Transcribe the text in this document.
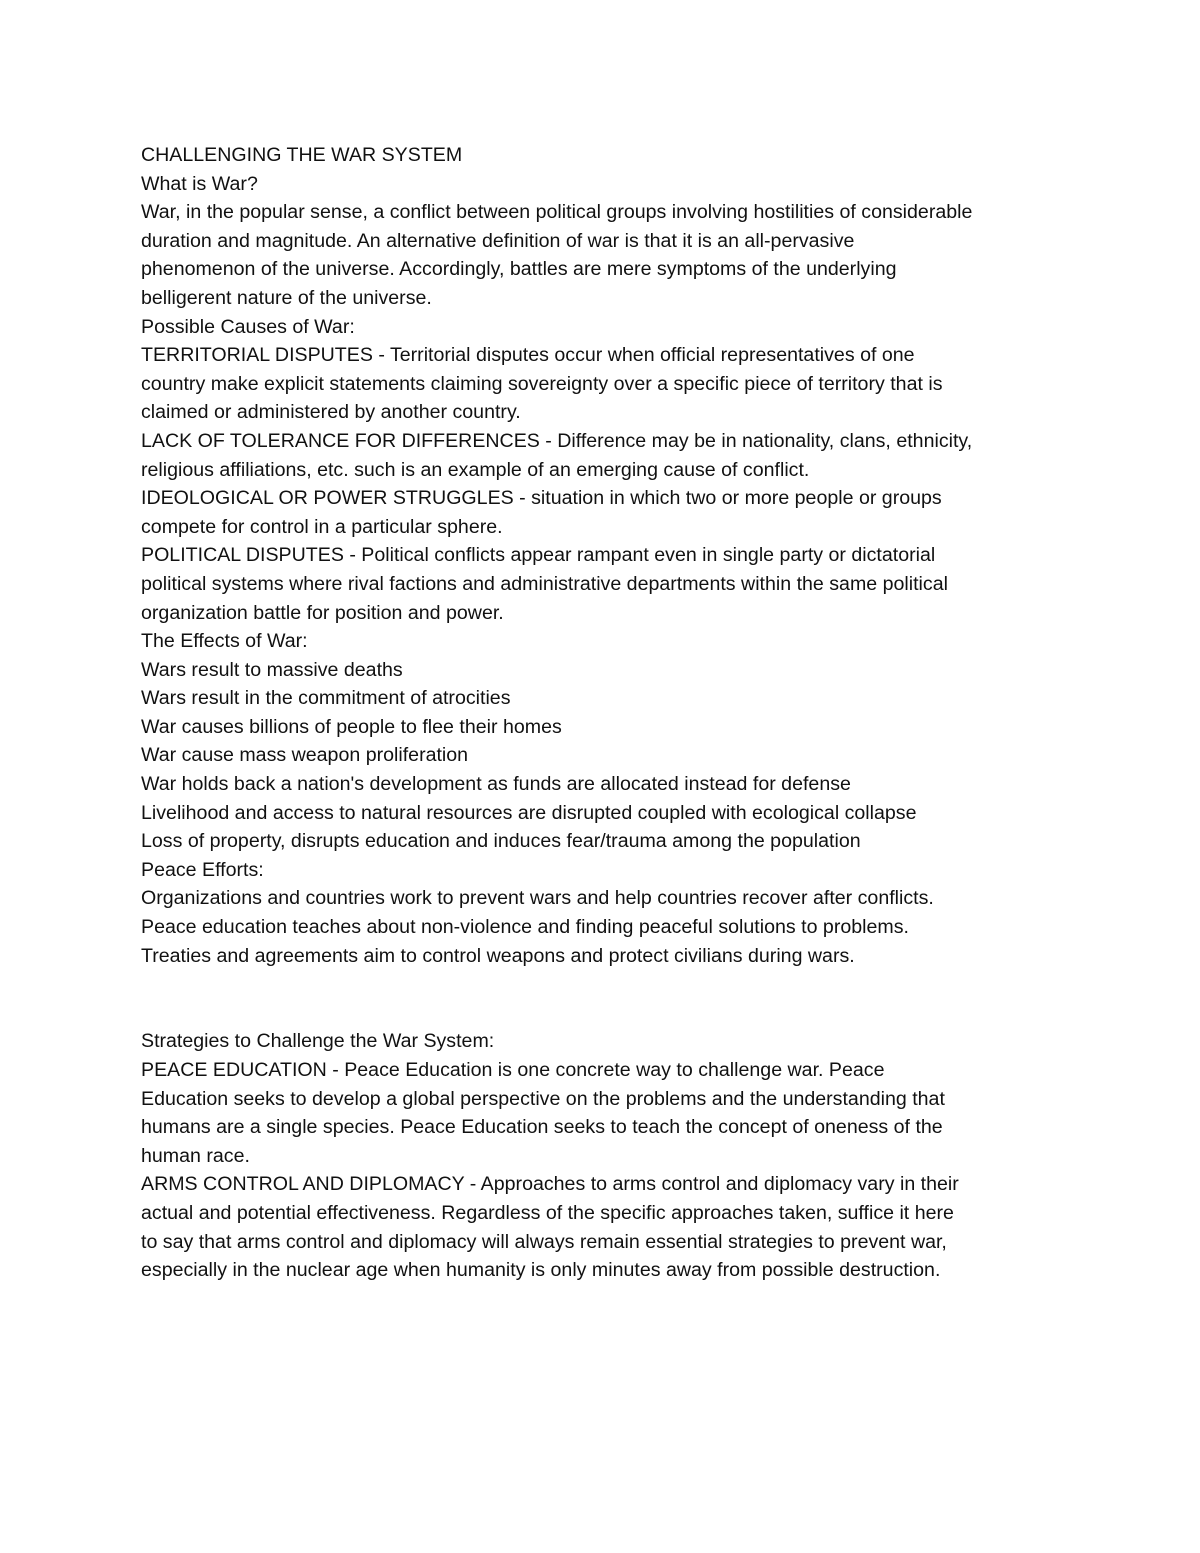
CHALLENGING THE WAR SYSTEM
What is War?
War, in the popular sense, a conflict between political groups involving hostilities of considerable
duration and magnitude. An alternative definition of war is that it is an all-pervasive
phenomenon of the universe. Accordingly, battles are mere symptoms of the underlying
belligerent nature of the universe.
Possible Causes of War:
TERRITORIAL DISPUTES - Territorial disputes occur when official representatives of one
country make explicit statements claiming sovereignty over a specific piece of territory that is
claimed or administered by another country.
LACK OF TOLERANCE FOR DIFFERENCES - Difference may be in nationality, clans, ethnicity,
religious affiliations, etc. such is an example of an emerging cause of conflict.
IDEOLOGICAL OR POWER STRUGGLES - situation in which two or more people or groups
compete for control in a particular sphere.
POLITICAL DISPUTES - Political conflicts appear rampant even in single party or dictatorial
political systems where rival factions and administrative departments within the same political
organization battle for position and power.
The Effects of War:
Wars result to massive deaths
Wars result in the commitment of atrocities
War causes billions of people to flee their homes
War cause mass weapon proliferation
War holds back a nation's development as funds are allocated instead for defense
Livelihood and access to natural resources are disrupted coupled with ecological collapse
Loss of property, disrupts education and induces fear/trauma among the population
Peace Efforts:
Organizations and countries work to prevent wars and help countries recover after conflicts.
Peace education teaches about non-violence and finding peaceful solutions to problems.
Treaties and agreements aim to control weapons and protect civilians during wars.
Strategies to Challenge the War System:
PEACE EDUCATION - Peace Education is one concrete way to challenge war. Peace
Education seeks to develop a global perspective on the problems and the understanding that
humans are a single species. Peace Education seeks to teach the concept of oneness of the
human race.
ARMS CONTROL AND DIPLOMACY - Approaches to arms control and diplomacy vary in their
actual and potential effectiveness. Regardless of the specific approaches taken, suffice it here
to say that arms control and diplomacy will always remain essential strategies to prevent war,
especially in the nuclear age when humanity is only minutes away from possible destruction.
